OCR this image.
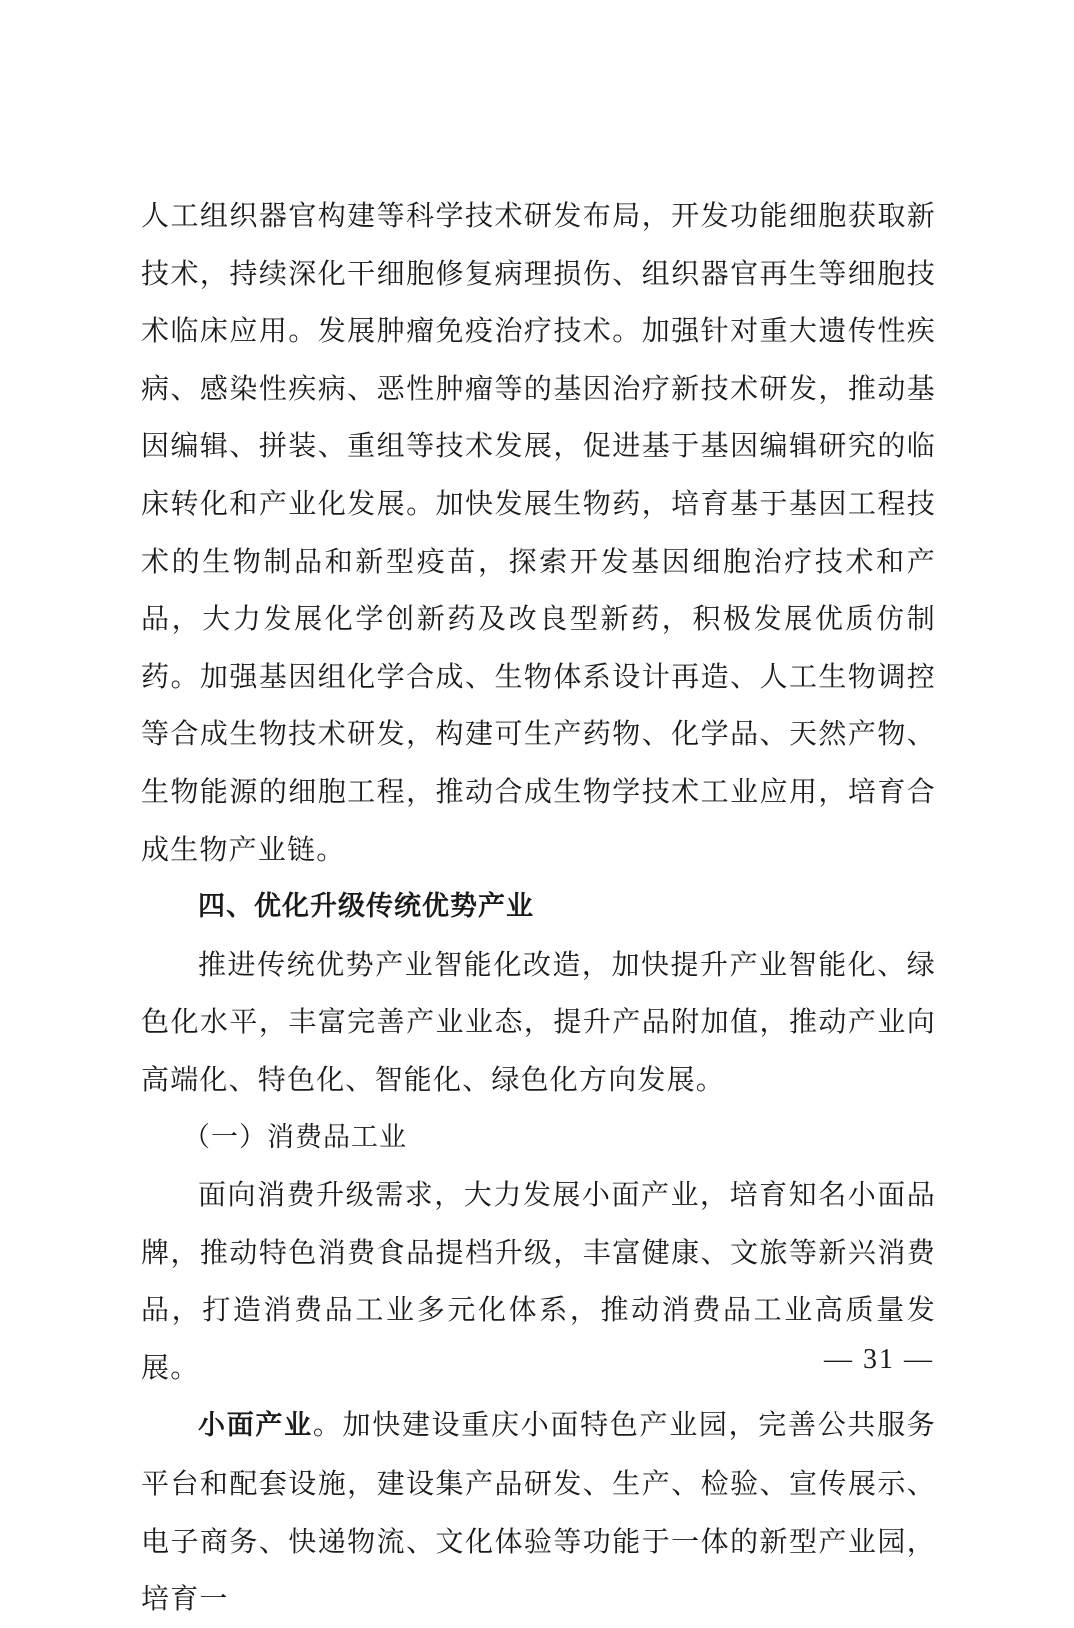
人工组织器官构建等科学技术研发布局，开发功能细胞获取新技术，持续深化干细胞修复病理损伤、组织器官再生等细胞技术临床应用。发展肿瘤免疫治疗技术。加强针对重大遗传性疾病、感染性疾病、恶性肿瘤等的基因治疗新技术研发，推动基因编辑、拼装、重组等技术发展，促进基于基因编辑研究的临床转化和产业化发展。加快发展生物药，培育基于基因工程技术的生物制品和新型疫苗，探索开发基因细胞治疗技术和产品，大力发展化学创新药及改良型新药，积极发展优质仿制药。加强基因组化学合成、生物体系设计再造、人工生物调控等合成生物技术研发，构建可生产药物、化学品、天然产物、生物能源的细胞工程，推动合成生物学技术工业应用，培育合成生物产业链。

四、优化升级传统优势产业

推进传统优势产业智能化改造，加快提升产业智能化、绿色化水平，丰富完善产业业态，提升产品附加值，推动产业向高端化、特色化、智能化、绿色化方向发展。

（一）消费品工业

面向消费升级需求，大力发展小面产业，培育知名小面品牌，推动特色消费食品提档升级，丰富健康、文旅等新兴消费品，打造消费品工业多元化体系，推动消费品工业高质量发展。

小面产业。加快建设重庆小面特色产业园，完善公共服务平台和配套设施，建设集产品研发、生产、检验、宣传展示、电子商务、快递物流、文化体验等功能于一体的新型产业园，培育一

— 31 —
